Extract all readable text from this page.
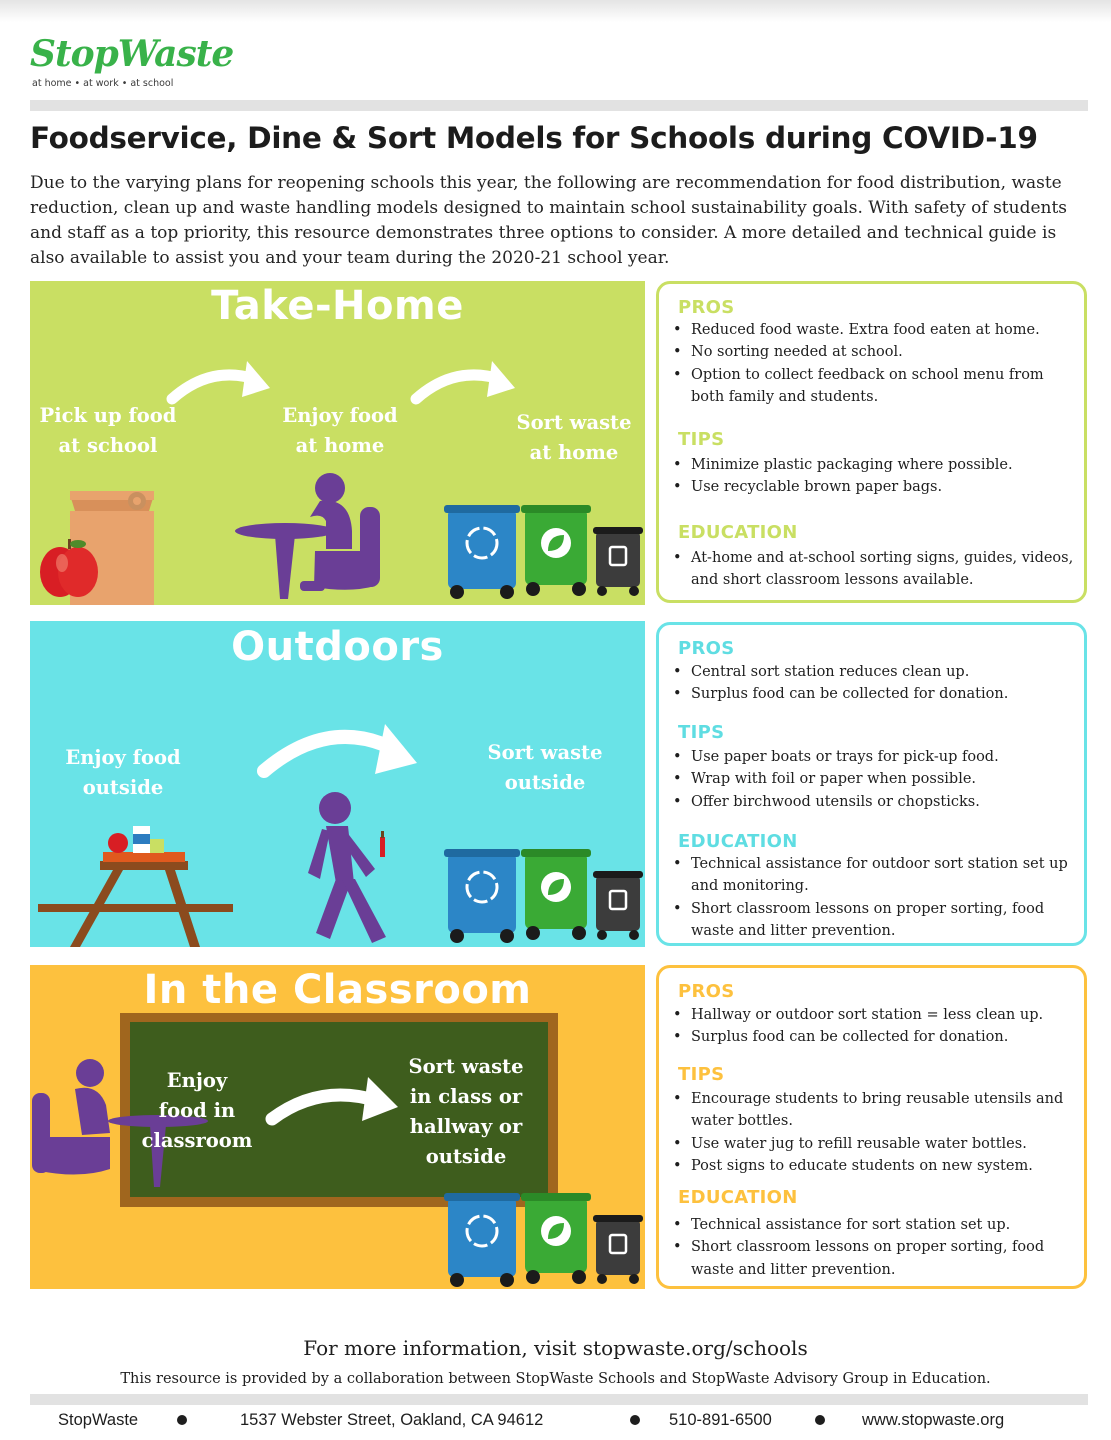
StopWaste
at home • at work • at school
Foodservice, Dine & Sort Models for Schools during COVID-19

Due to the varying plans for reopening schools this year, the following are recommendation for food distribution, waste reduction, clean up and waste handling models designed to maintain school sustainability goals. With safety of students and staff as a top priority, this resource demonstrates three options to consider. A more detailed and technical guide is also available to assist you and your team during the 2020-21 school year.

Take-Home
Pick up food
at school
Enjoy food
at home
Sort waste
at home
Outdoors
Enjoy food
outside
Sort waste
outside
In the Classroom
Enjoy
food in
classroom
Sort waste
in class or
hallway or
outside
PROS
• Reduced food waste. Extra food eaten at home.
• No sorting needed at school.
• Option to collect feedback on school menu from both family and students.
TIPS
• Minimize plastic packaging where possible.
• Use recyclable brown paper bags.
EDUCATION
• At-home and at-school sorting signs, guides, videos, and short classroom lessons available.
PROS
• Central sort station reduces clean up.
• Surplus food can be collected for donation.
TIPS
• Use paper boats or trays for pick-up food.
• Wrap with foil or paper when possible.
• Offer birchwood utensils or chopsticks.
EDUCATION
• Technical assistance for outdoor sort station set up and monitoring.
• Short classroom lessons on proper sorting, food waste and litter prevention.
PROS
• Hallway or outdoor sort station = less clean up.
• Surplus food can be collected for donation.
TIPS
• Encourage students to bring reusable utensils and water bottles.
• Use water jug to refill reusable water bottles.
• Post signs to educate students on new system.
EDUCATION
• Technical assistance for sort station set up.
• Short classroom lessons on proper sorting, food waste and litter prevention.
For more information, visit stopwaste.org/schools
This resource is provided by a collaboration between StopWaste Schools and StopWaste Advisory Group in Education.
StopWaste	1537 Webster Street, Oakland, CA 94612	510-891-6500	www.stopwaste.org
